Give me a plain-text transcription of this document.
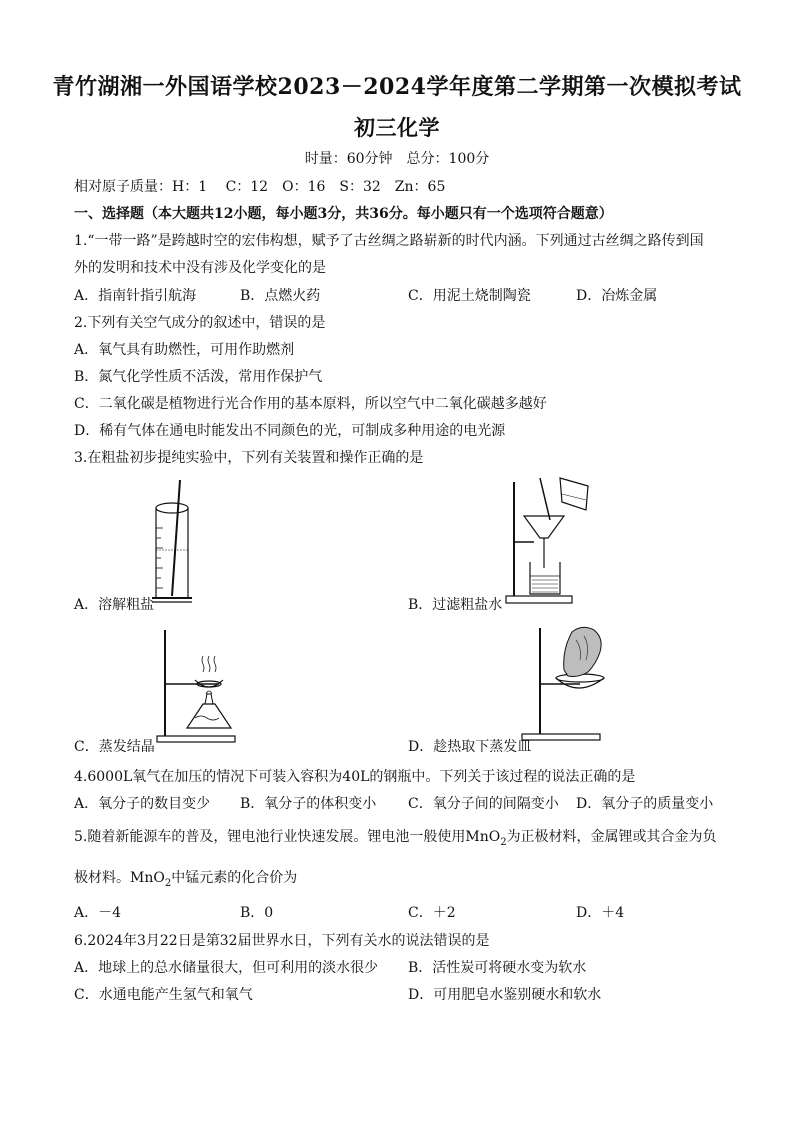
青竹湖湘一外国语学校2023－2024学年度第二学期第一次模拟考试
初三化学
时量：60分钟　总分：100分
相对原子质量：H：1　 C：12　O：16　S：32　Zn：65
一、选择题（本大题共12小题，每小题3分，共36分。每小题只有一个选项符合题意）
1.“一带一路”是跨越时空的宏伟构想，赋予了古丝绸之路崭新的时代内涵。下列通过古丝绸之路传到国
外的发明和技术中没有涉及化学变化的是
A．指南针指引航海	B．点燃火药	C．用泥土烧制陶瓷	D．冶炼金属
2.下列有关空气成分的叙述中，错误的是
A．氧气具有助燃性，可用作助燃剂
B．氮气化学性质不活泼，常用作保护气
C．二氧化碳是植物进行光合作用的基本原料，所以空气中二氧化碳越多越好
D．稀有气体在通电时能发出不同颜色的光，可制成多种用途的电光源
3.在粗盐初步提纯实验中，下列有关装置和操作正确的是
A．溶解粗盐	B．过滤粗盐水
C．蒸发结晶	D．趁热取下蒸发皿
4.6000L氧气在加压的情况下可装入容积为40L的钢瓶中。下列关于该过程的说法正确的是
A．氧分子的数目变少 B．氧分子的体积变小 C．氧分子间的间隔变小 D．氧分子的质量变小
5.随着新能源车的普及，锂电池行业快速发展。锂电池一般使用MnO$_2$为正极材料，金属锂或其合金为负
极材料。MnO$_2$中锰元素的化合价为
A．－4	B．0	C．＋2	D．＋4
6.2024年3月22日是第32届世界水日，下列有关水的说法错误的是
A．地球上的总水储量很大，但可利用的淡水很少 B．活性炭可将硬水变为软水
C．水通电能产生氢气和氧气	D．可用肥皂水鉴别硬水和软水
